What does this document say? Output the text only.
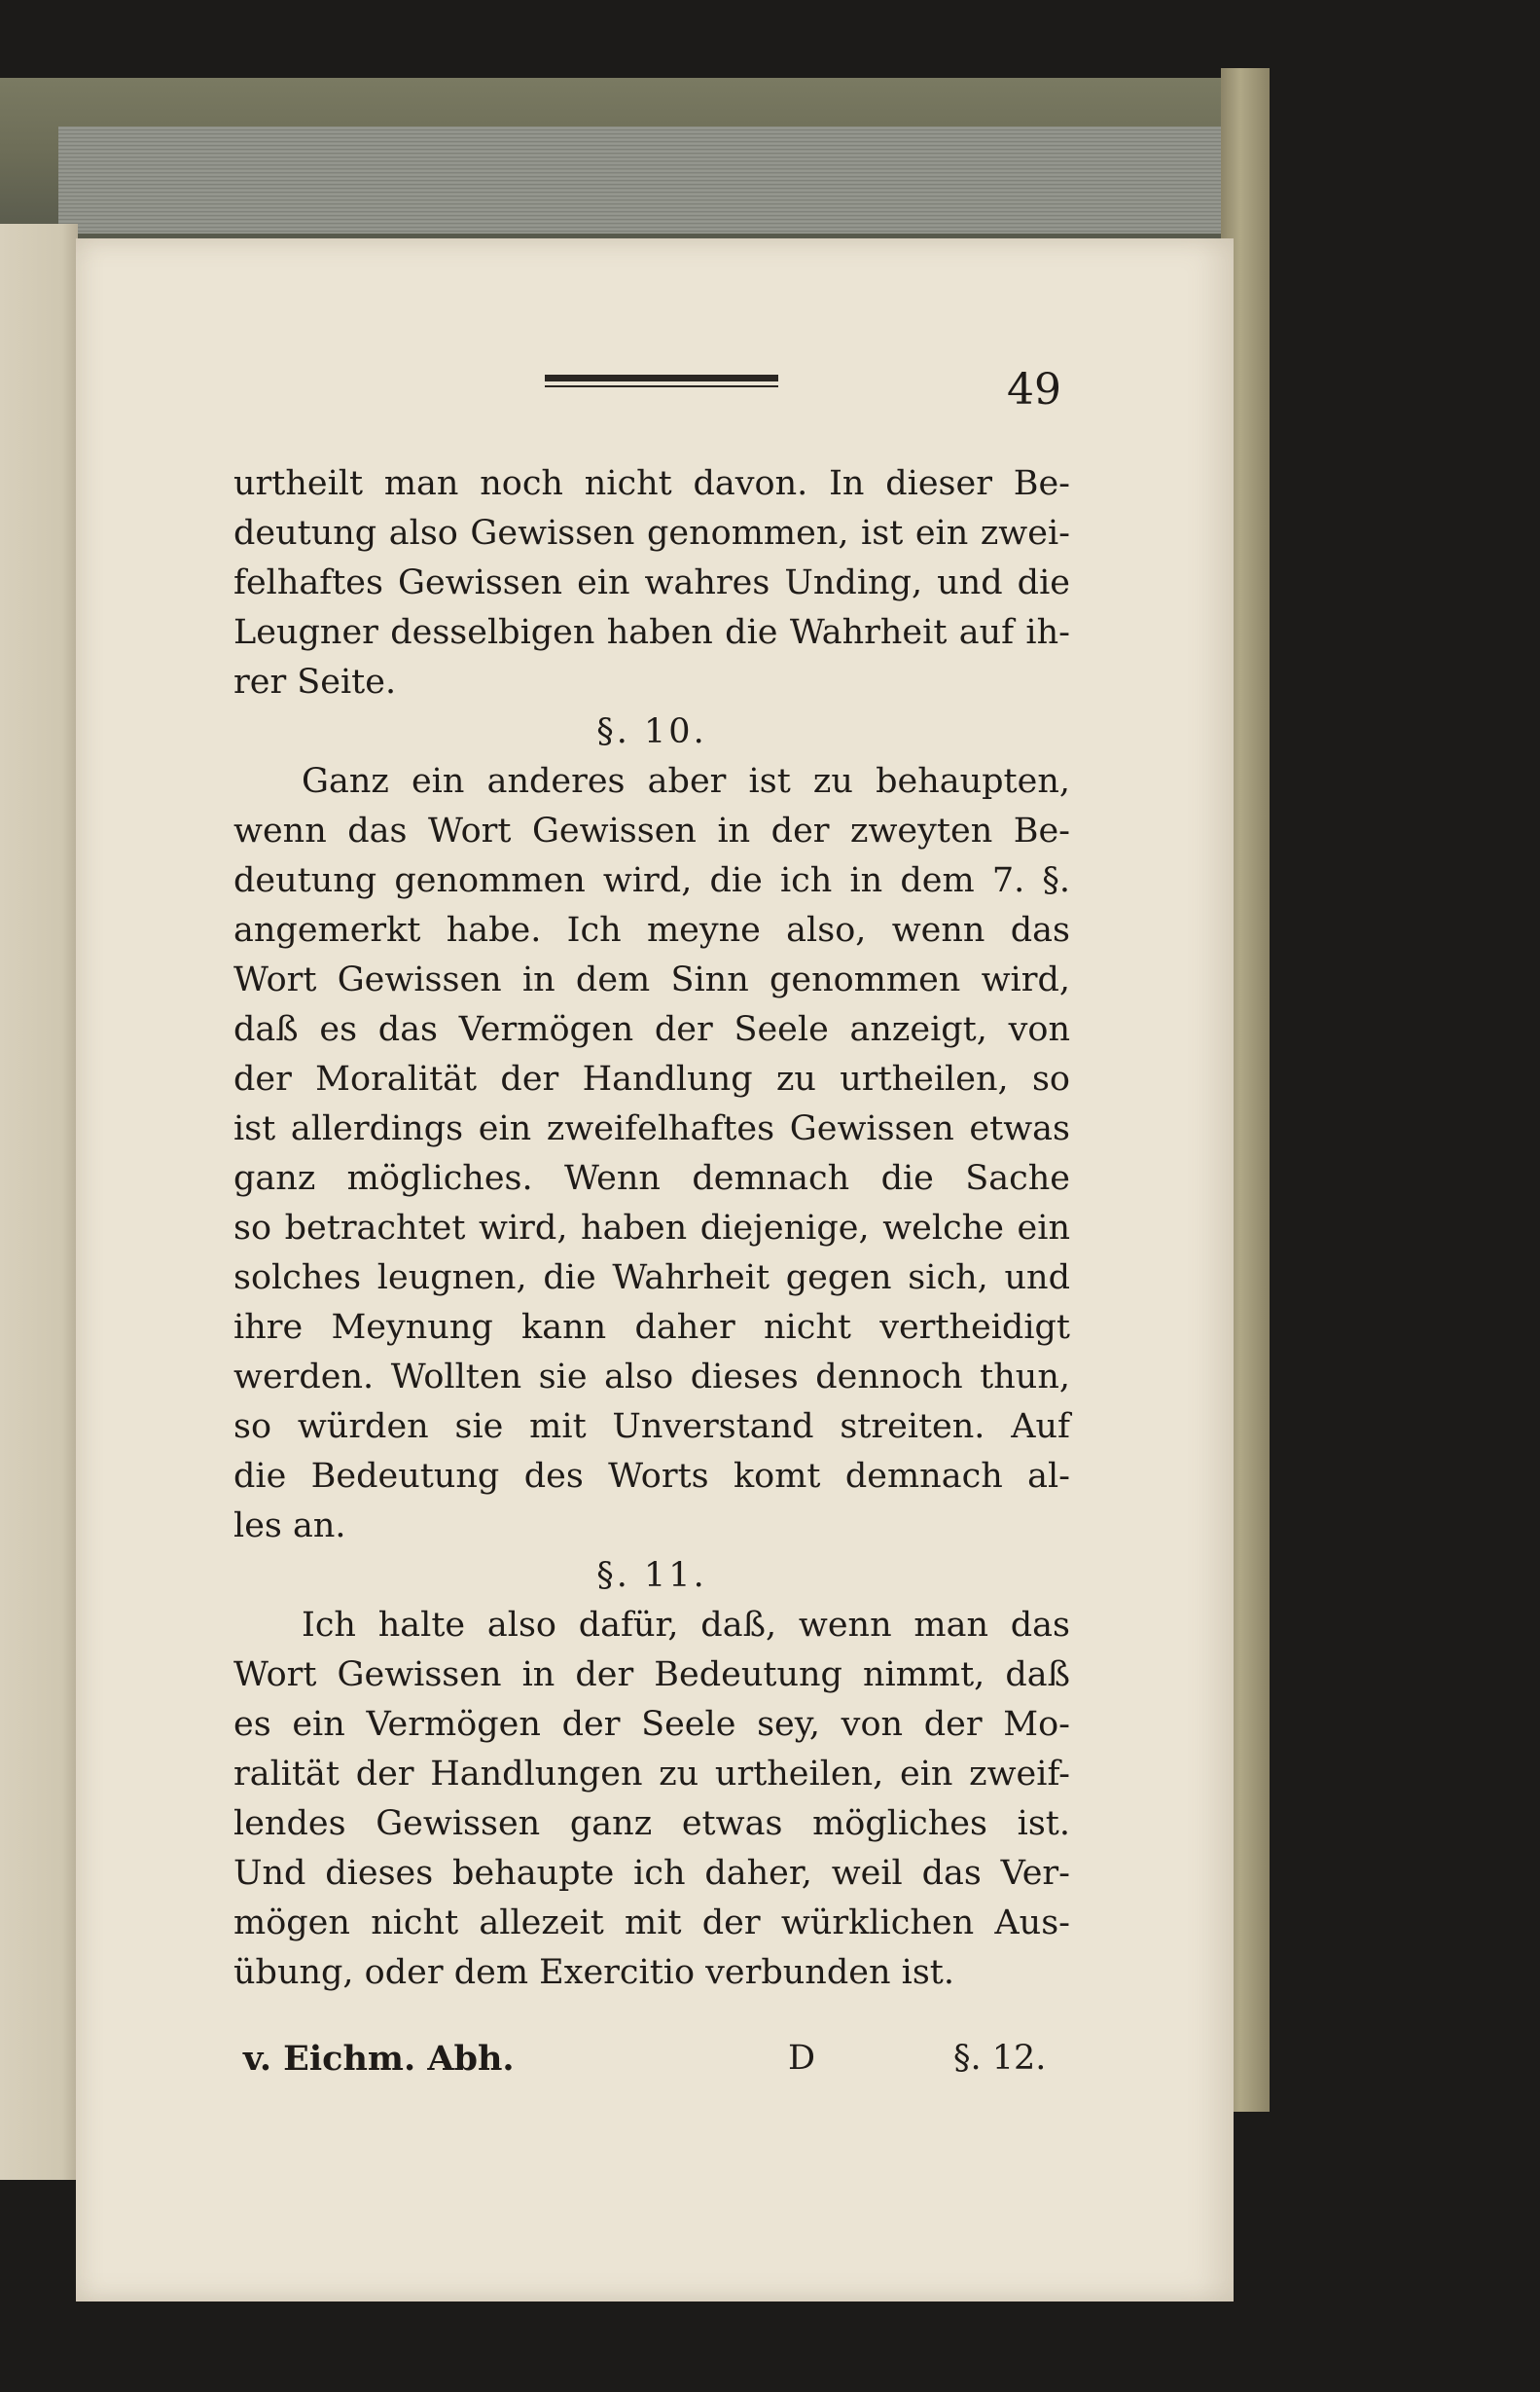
49
urtheilt man noch nicht davon. In dieser Be-
deutung also Gewissen genommen, ist ein zwei-
felhaftes Gewissen ein wahres Unding, und die
Leugner desselbigen haben die Wahrheit auf ih-
rer Seite.
§. 10.
Ganz ein anderes aber ist zu behaupten,
wenn das Wort Gewissen in der zweyten Be-
deutung genommen wird, die ich in dem 7. §.
angemerkt habe. Ich meyne also, wenn das
Wort Gewissen in dem Sinn genommen wird,
daß es das Vermögen der Seele anzeigt, von
der Moralität der Handlung zu urtheilen, so
ist allerdings ein zweifelhaftes Gewissen etwas
ganz mögliches. Wenn demnach die Sache
so betrachtet wird, haben diejenige, welche ein
solches leugnen, die Wahrheit gegen sich, und
ihre Meynung kann daher nicht vertheidigt
werden. Wollten sie also dieses dennoch thun,
so würden sie mit Unverstand streiten. Auf
die Bedeutung des Worts komt demnach al-
les an.
§. 11.
Ich halte also dafür, daß, wenn man das
Wort Gewissen in der Bedeutung nimmt, daß
es ein Vermögen der Seele sey, von der Mo-
ralität der Handlungen zu urtheilen, ein zweif-
lendes Gewissen ganz etwas mögliches ist.
Und dieses behaupte ich daher, weil das Ver-
mögen nicht allezeit mit der würklichen Aus-
übung, oder dem Exercitio verbunden ist.
v. Eichm. Abh.	D	§. 12.
